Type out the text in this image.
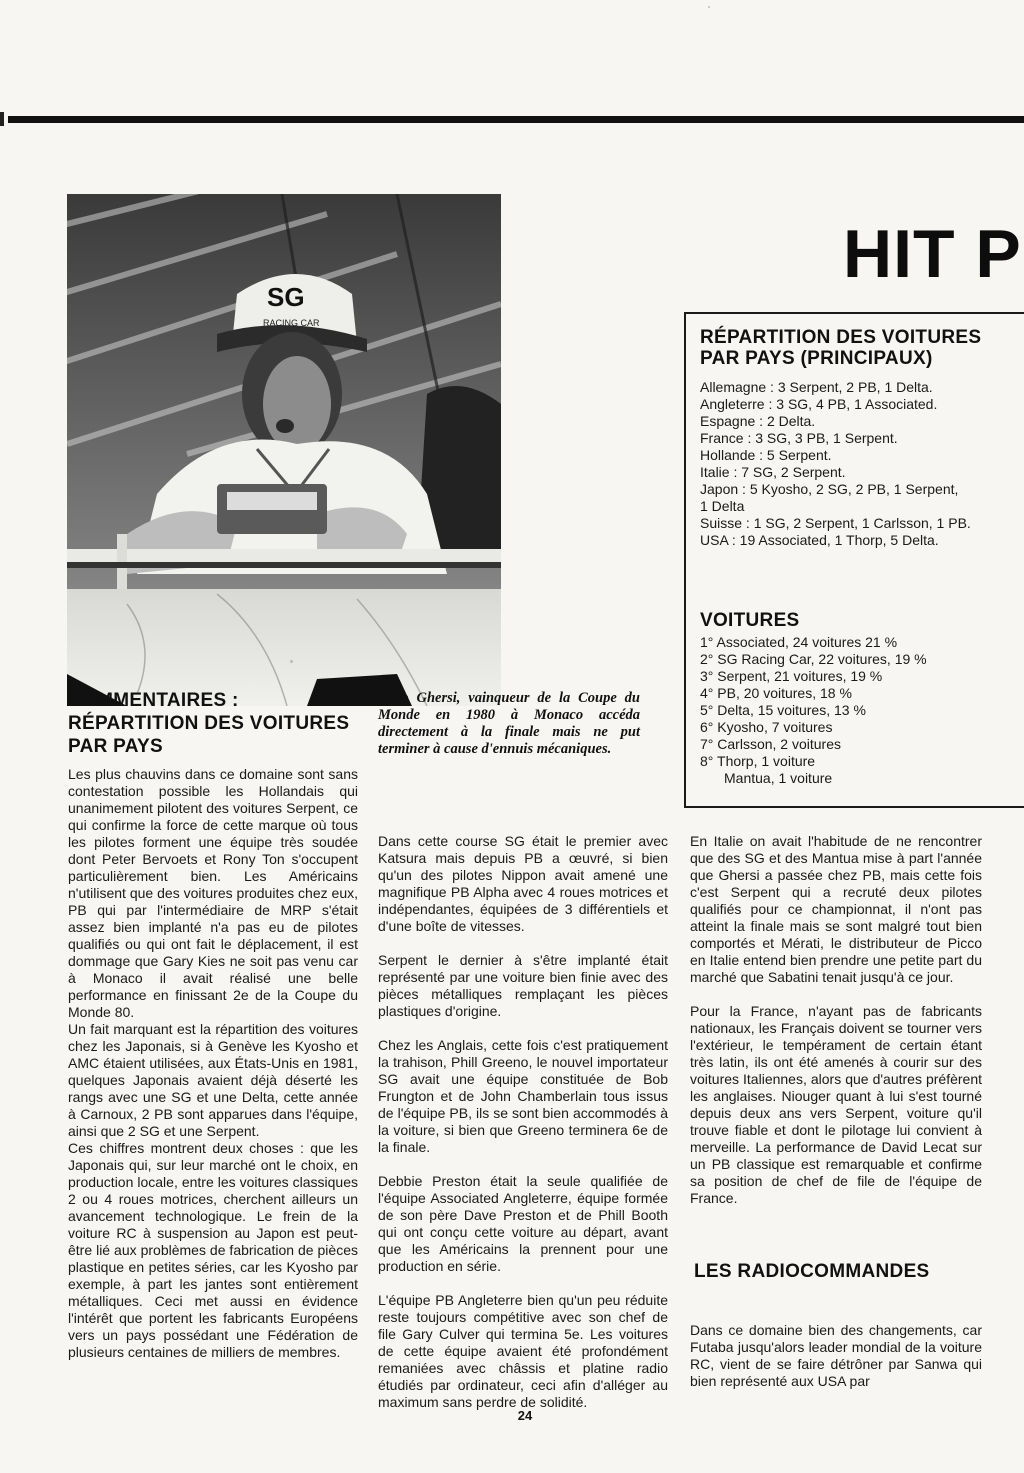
HIT P
SG
RACING CAR
RÉPARTITION DES VOITURES
PAR PAYS (PRINCIPAUX)
Allemagne : 3 Serpent, 2 PB, 1 Delta.
Angleterre : 3 SG, 4 PB, 1 Associated.
Espagne : 2 Delta.
France : 3 SG, 3 PB, 1 Serpent.
Hollande : 5 Serpent.
Italie : 7 SG, 2 Serpent.
Japon : 5 Kyosho, 2 SG, 2 PB, 1 Serpent,
1 Delta
Suisse : 1 SG, 2 Serpent, 1 Carlsson, 1 PB.
USA : 19 Associated, 1 Thorp, 5 Delta.
VOITURES
1° Associated, 24 voitures 21 %
2° SG Racing Car, 22 voitures, 19 %
3° Serpent, 21 voitures, 19 %
4° PB, 20 voitures, 18 %
5° Delta, 15 voitures, 13 %
6° Kyosho, 7 voitures
7° Carlsson, 2 voitures
8° Thorp, 1 voiture
Mantua, 1 voiture
COMMENTAIRES :
RÉPARTITION DES VOITURES
PAR PAYS
Julio Ghersi, vainqueur de la Coupe du Monde en 1980 à Monaco accéda directement à la finale mais ne put terminer à cause d'ennuis mécaniques.

Les plus chauvins dans ce domaine sont sans contestation possible les Hollandais qui unanimement pilotent des voitures Serpent, ce qui confirme la force de cette marque où tous les pilotes forment une équipe très soudée dont Peter Bervoets et Rony Ton s'occupent particulièrement bien. Les Américains n'utilisent que des voitures produites chez eux, PB qui par l'intermédiaire de MRP s'était assez bien implanté n'a pas eu de pilotes qualifiés ou qui ont fait le déplacement, il est dommage que Gary Kies ne soit pas venu car à Monaco il avait réalisé une belle performance en finissant 2e de la Coupe du Monde 80.

Un fait marquant est la répartition des voitures chez les Japonais, si à Genève les Kyosho et AMC étaient utilisées, aux États-Unis en 1981, quelques Japonais avaient déjà déserté les rangs avec une SG et une Delta, cette année à Carnoux, 2 PB sont apparues dans l'équipe, ainsi que 2 SG et une Serpent.

Ces chiffres montrent deux choses : que les Japonais qui, sur leur marché ont le choix, en production locale, entre les voitures classiques 2 ou 4 roues motrices, cherchent ailleurs un avancement technologique. Le frein de la voiture RC à suspension au Japon est peut-être lié aux problèmes de fabrication de pièces plastique en petites séries, car les Kyosho par exemple, à part les jantes sont entièrement métalliques. Ceci met aussi en évidence l'intérêt que portent les fabricants Européens vers un pays possédant une Fédération de plusieurs centaines de milliers de membres.

Dans cette course SG était le premier avec Katsura mais depuis PB a œuvré, si bien qu'un des pilotes Nippon avait amené une magnifique PB Alpha avec 4 roues motrices et indépendantes, équipées de 3 différentiels et d'une boîte de vitesses.

Serpent le dernier à s'être implanté était représenté par une voiture bien finie avec des pièces métalliques remplaçant les pièces plastiques d'origine.

Chez les Anglais, cette fois c'est pratiquement la trahison, Phill Greeno, le nouvel importateur SG avait une équipe constituée de Bob Frungton et de John Chamberlain tous issus de l'équipe PB, ils se sont bien accommodés à la voiture, si bien que Greeno terminera 6e de la finale.

Debbie Preston était la seule qualifiée de l'équipe Associated Angleterre, équipe formée de son père Dave Preston et de Phill Booth qui ont conçu cette voiture au départ, avant que les Américains la prennent pour une production en série.

L'équipe PB Angleterre bien qu'un peu réduite reste toujours compétitive avec son chef de file Gary Culver qui termina 5e. Les voitures de cette équipe avaient été profondément remaniées avec châssis et platine radio étudiés par ordinateur, ceci afin d'alléger au maximum sans perdre de solidité.

En Italie on avait l'habitude de ne rencontrer que des SG et des Mantua mise à part l'année que Ghersi a passée chez PB, mais cette fois c'est Serpent qui a recruté deux pilotes qualifiés pour ce championnat, il n'ont pas atteint la finale mais se sont malgré tout bien comportés et Mérati, le distributeur de Picco en Italie entend bien prendre une petite part du marché que Sabatini tenait jusqu'à ce jour.

Pour la France, n'ayant pas de fabricants nationaux, les Français doivent se tourner vers l'extérieur, le tempérament de certain étant très latin, ils ont été amenés à courir sur des voitures Italiennes, alors que d'autres préfèrent les anglaises. Niouger quant à lui s'est tourné depuis deux ans vers Serpent, voiture qu'il trouve fiable et dont le pilotage lui convient à merveille. La performance de David Lecat sur un PB classique est remarquable et confirme sa position de chef de file de l'équipe de France.

LES RADIOCOMMANDES

Dans ce domaine bien des changements, car Futaba jusqu'alors leader mondial de la voiture RC, vient de se faire détrôner par Sanwa qui bien représenté aux USA par

24
